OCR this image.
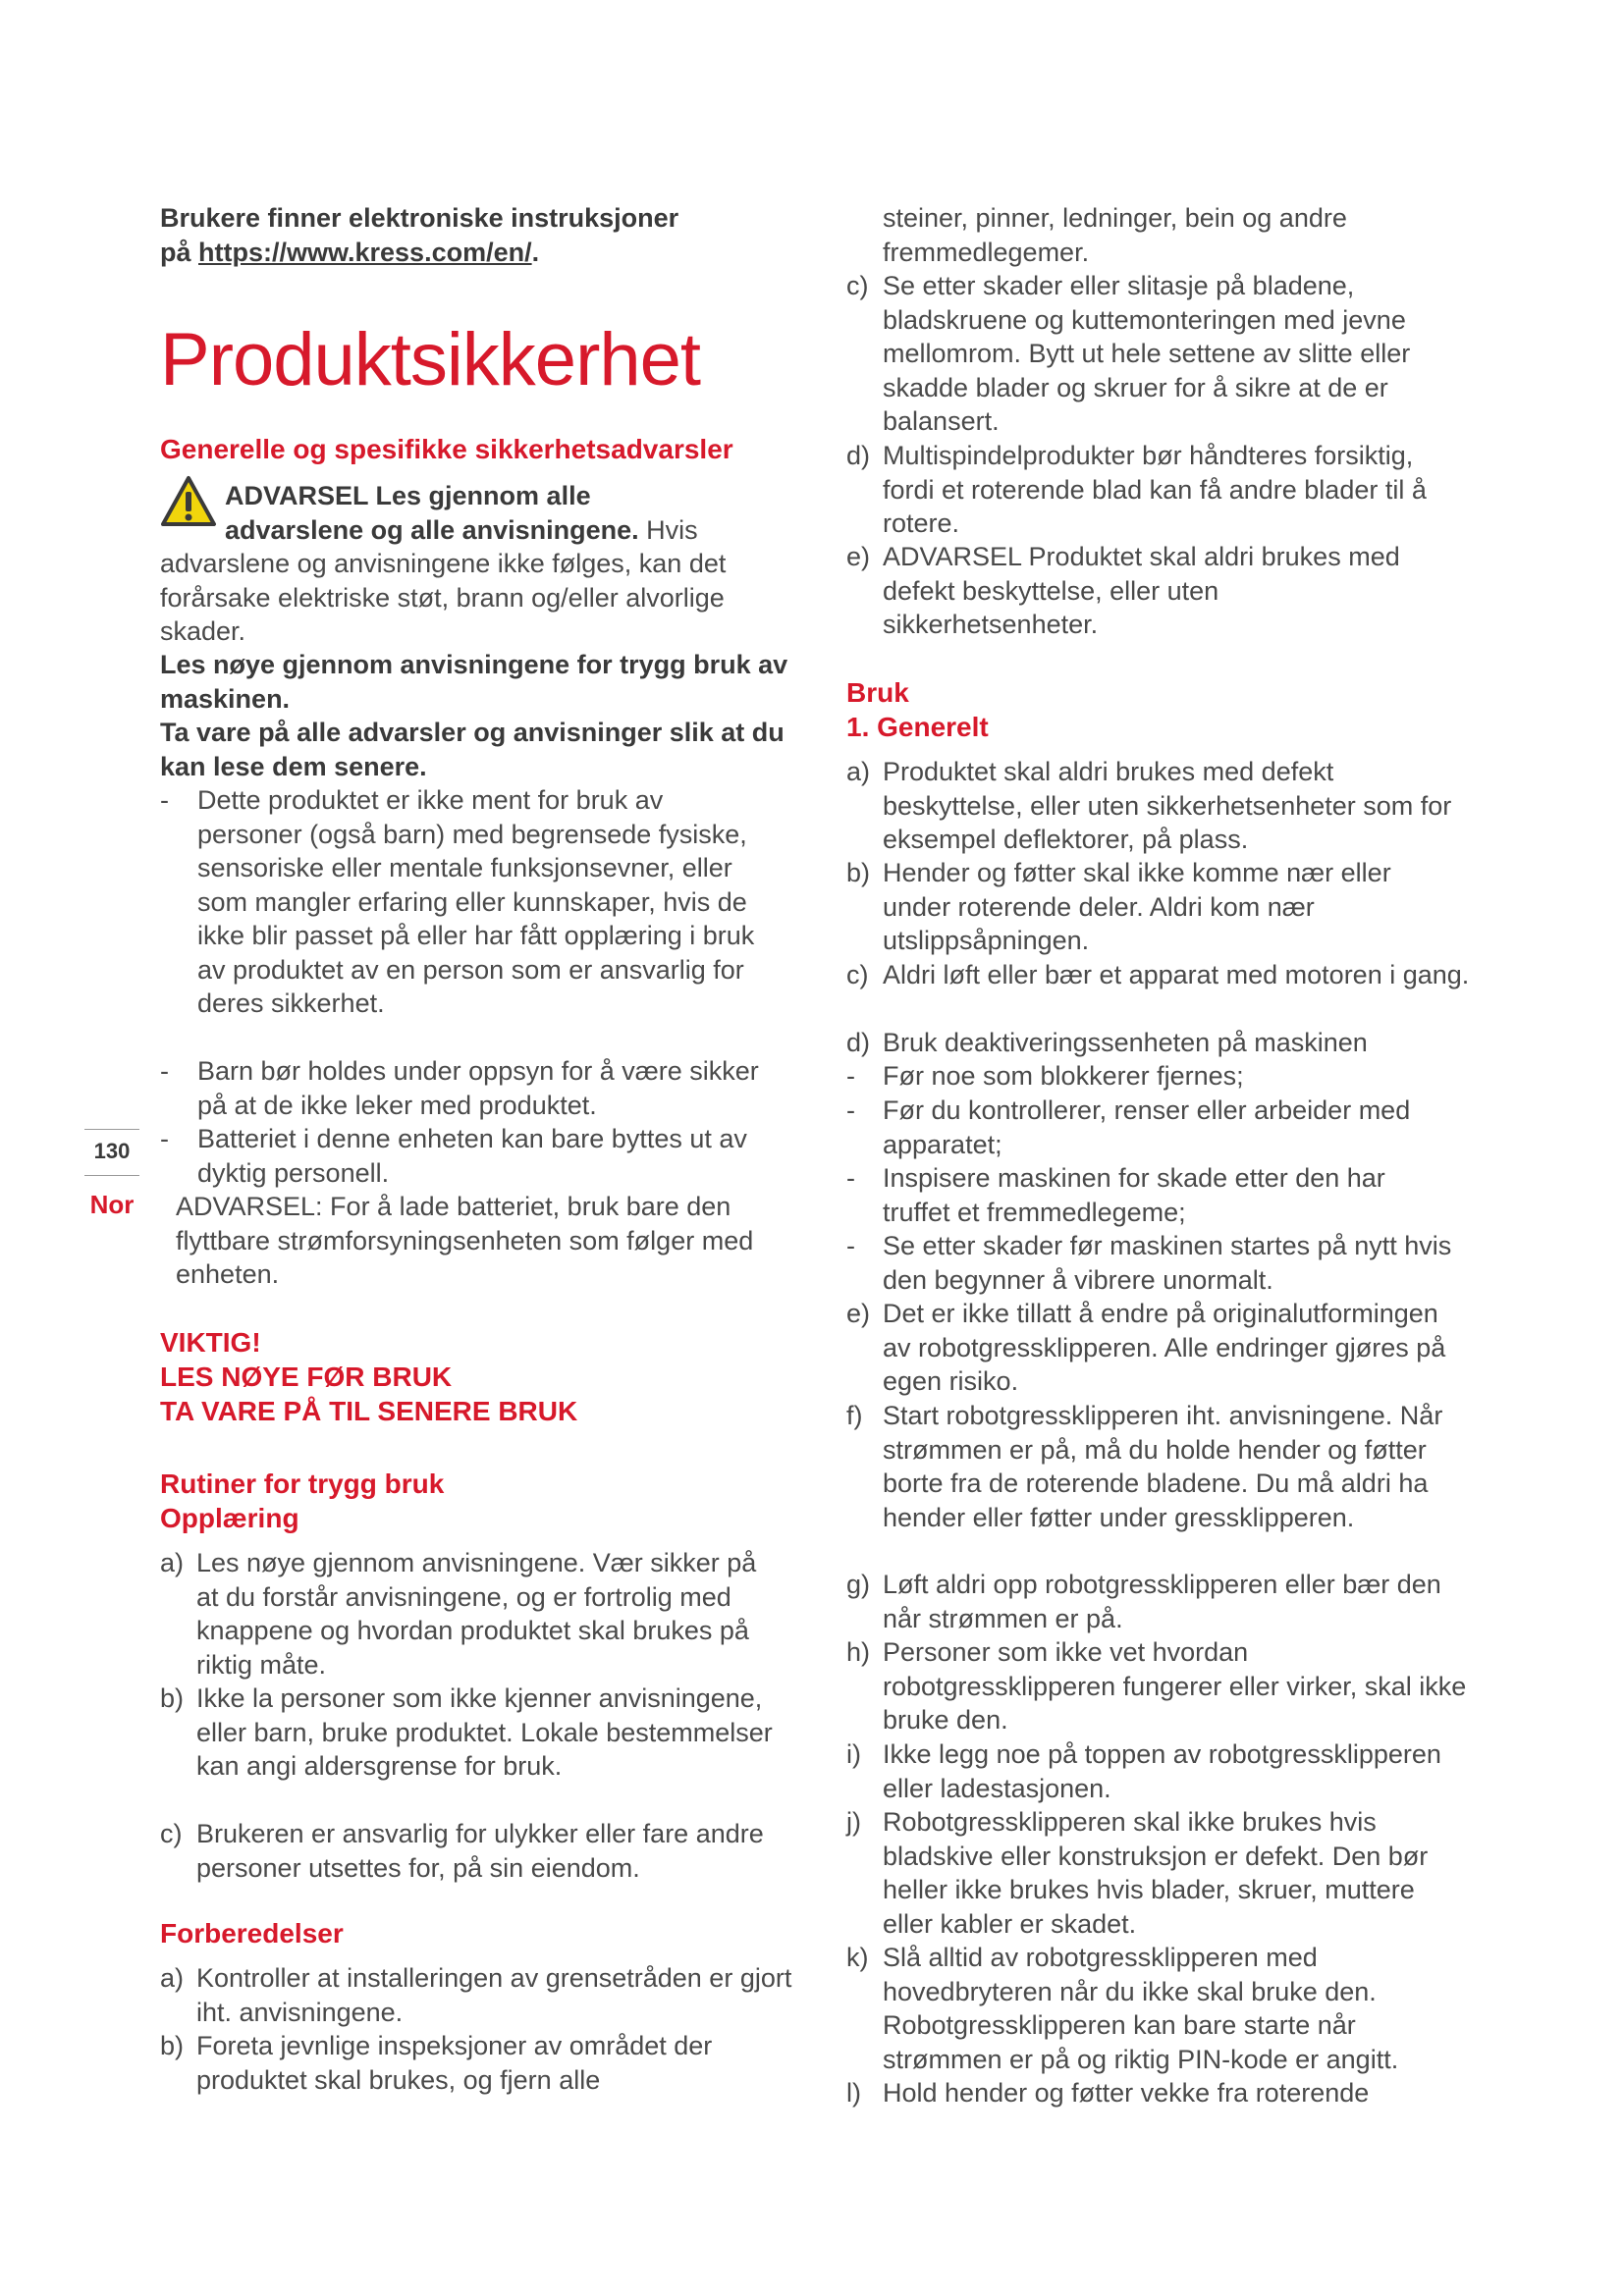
130
Nor
Brukere finner elektroniske instruksjoner
på https://www.kress.com/en/.
Produktsikkerhet
Generelle og spesifikke sikkerhetsadvarsler
ADVARSEL Les gjennom alle
advarslene og alle anvisningene. Hvis
advarslene og anvisningene ikke følges, kan det
forårsake elektriske støt, brann og/eller alvorlige
skader.
Les nøye gjennom anvisningene for trygg bruk av maskinen.
Ta vare på alle advarsler og anvisninger slik at du kan lese dem senere.
-	Dette produktet er ikke ment for bruk av personer (også barn) med begrensede fysiske, sensoriske eller mentale funksjonsevner, eller som mangler erfaring eller kunnskaper, hvis de ikke blir passet på eller har fått opplæring i bruk av produktet av en person som er ansvarlig for deres sikkerhet.
-	Barn bør holdes under oppsyn for å være sikker på at de ikke leker med produktet.
-	Batteriet i denne enheten kan bare byttes ut av dyktig personell.
ADVARSEL: For å lade batteriet, bruk bare den flyttbare strømforsyningsenheten som følger med enheten.
VIKTIG!
LES NØYE FØR BRUK
TA VARE PÅ TIL SENERE BRUK
Rutiner for trygg bruk
Opplæring
a) Les nøye gjennom anvisningene. Vær sikker på at du forstår anvisningene, og er fortrolig med knappene og hvordan produktet skal brukes på riktig måte.
b) Ikke la personer som ikke kjenner anvisningene, eller barn, bruke produktet. Lokale bestemmelser kan angi aldersgrense for bruk.
c) Brukeren er ansvarlig for ulykker eller fare andre personer utsettes for, på sin eiendom.
Forberedelser
a) Kontroller at installeringen av grensetråden er gjort iht. anvisningene.
b) Foreta jevnlige inspeksjoner av området der produktet skal brukes, og fjern alle
steiner, pinner, ledninger, bein og andre fremmedlegemer.
c) Se etter skader eller slitasje på bladene, bladskruene og kuttemonteringen med jevne mellomrom. Bytt ut hele settene av slitte eller skadde blader og skruer for å sikre at de er balansert.
d) Multispindelprodukter bør håndteres forsiktig, fordi et roterende blad kan få andre blader til å rotere.
e) ADVARSEL Produktet skal aldri brukes med defekt beskyttelse, eller uten sikkerhetsenheter.
Bruk
1. Generelt
a) Produktet skal aldri brukes med defekt beskyttelse, eller uten sikkerhetsenheter som for eksempel deflektorer, på plass.
b) Hender og føtter skal ikke komme nær eller under roterende deler. Aldri kom nær utslippsåpningen.
c) Aldri løft eller bær et apparat med motoren i gang.
d) Bruk deaktiveringssenheten på maskinen
-	Før noe som blokkerer fjernes;
-	Før du kontrollerer, renser eller arbeider med apparatet;
-	Inspisere maskinen for skade etter den har truffet et fremmedlegeme;
-	Se etter skader før maskinen startes på nytt hvis den begynner å vibrere unormalt.
e) Det er ikke tillatt å endre på originalutformingen av robotgressklipperen. Alle endringer gjøres på egen risiko.
f) Start robotgressklipperen iht. anvisningene. Når strømmen er på, må du holde hender og føtter borte fra de roterende bladene. Du må aldri ha hender eller føtter under gressklipperen.
g) Løft aldri opp robotgressklipperen eller bær den når strømmen er på.
h) Personer som ikke vet hvordan robotgressklipperen fungerer eller virker, skal ikke bruke den.
i) Ikke legg noe på toppen av robotgressklipperen eller ladestasjonen.
j) Robotgressklipperen skal ikke brukes hvis bladskive eller konstruksjon er defekt. Den bør heller ikke brukes hvis blader, skruer, muttere eller kabler er skadet.
k) Slå alltid av robotgressklipperen med hovedbryteren når du ikke skal bruke den. Robotgressklipperen kan bare starte når strømmen er på og riktig PIN-kode er angitt.
l) Hold hender og føtter vekke fra roterende
